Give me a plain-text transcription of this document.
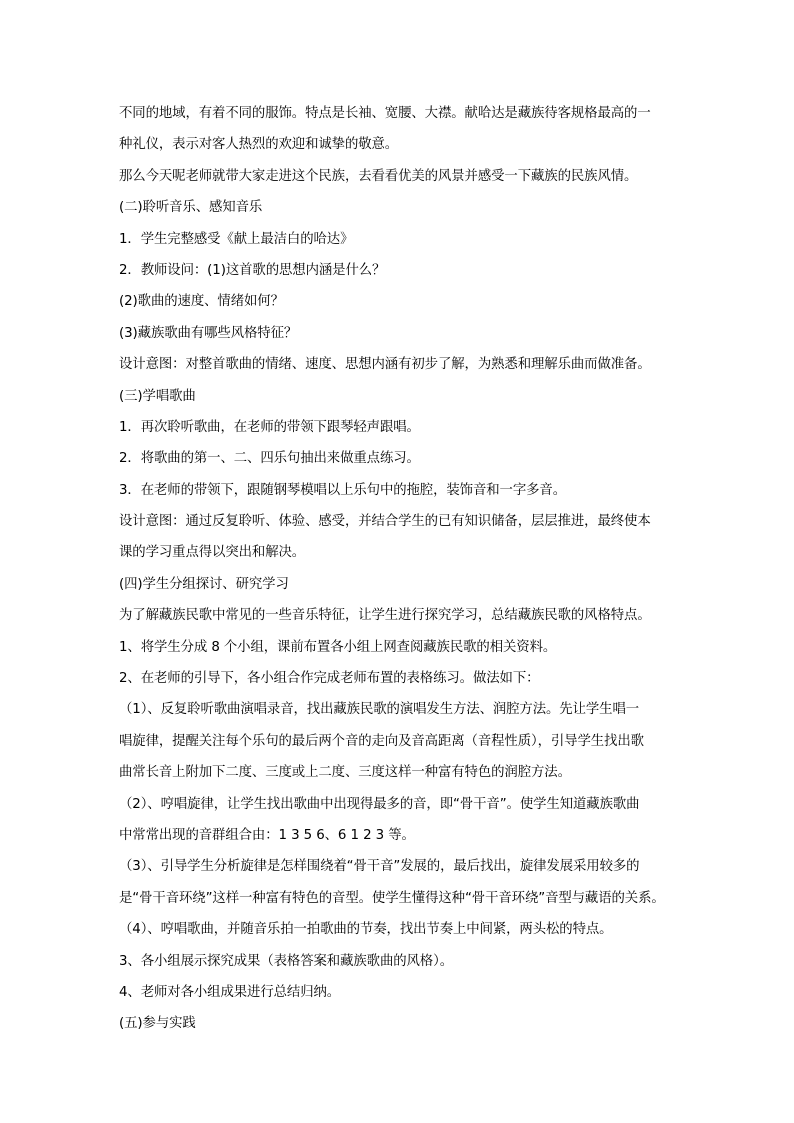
不同的地域，有着不同的服饰。特点是长袖、宽腰、大襟。献哈达是藏族待客规格最高的一

种礼仪，表示对客人热烈的欢迎和诚挚的敬意。

那么今天呢老师就带大家走进这个民族，去看看优美的风景并感受一下藏族的民族风情。

(二)聆听音乐、感知音乐

1．学生完整感受《献上最洁白的哈达》

2．教师设问：(1)这首歌的思想内涵是什么？

(2)歌曲的速度、情绪如何？

(3)藏族歌曲有哪些风格特征？

设计意图：对整首歌曲的情绪、速度、思想内涵有初步了解，为熟悉和理解乐曲而做准备。

(三)学唱歌曲

1．再次聆听歌曲，在老师的带领下跟琴轻声跟唱。

2．将歌曲的第一、二、四乐句抽出来做重点练习。

3．在老师的带领下，跟随钢琴模唱以上乐句中的拖腔，装饰音和一字多音。

设计意图：通过反复聆听、体验、感受，并结合学生的已有知识储备，层层推进，最终使本

课的学习重点得以突出和解决。

(四)学生分组探讨、研究学习

为了解藏族民歌中常见的一些音乐特征，让学生进行探究学习，总结藏族民歌的风格特点。

1、将学生分成 8 个小组，课前布置各小组上网查阅藏族民歌的相关资料。

2、在老师的引导下，各小组合作完成老师布置的表格练习。做法如下：

（1）、反复聆听歌曲演唱录音，找出藏族民歌的演唱发生方法、润腔方法。先让学生唱一

唱旋律，提醒关注每个乐句的最后两个音的走向及音高距离（音程性质），引导学生找出歌

曲常长音上附加下二度、三度或上二度、三度这样一种富有特色的润腔方法。

（2）、哼唱旋律，让学生找出歌曲中出现得最多的音，即“骨干音”。使学生知道藏族歌曲

中常常出现的音群组合由：1 3 5 6、6 1 2 3 等。

（3）、引导学生分析旋律是怎样围绕着“骨干音”发展的，最后找出，旋律发展采用较多的

是“骨干音环绕”这样一种富有特色的音型。使学生懂得这种“骨干音环绕”音型与藏语的关系。

（4）、哼唱歌曲，并随音乐拍一拍歌曲的节奏，找出节奏上中间紧，两头松的特点。

3、各小组展示探究成果（表格答案和藏族歌曲的风格）。

4、老师对各小组成果进行总结归纳。

(五)参与实践
